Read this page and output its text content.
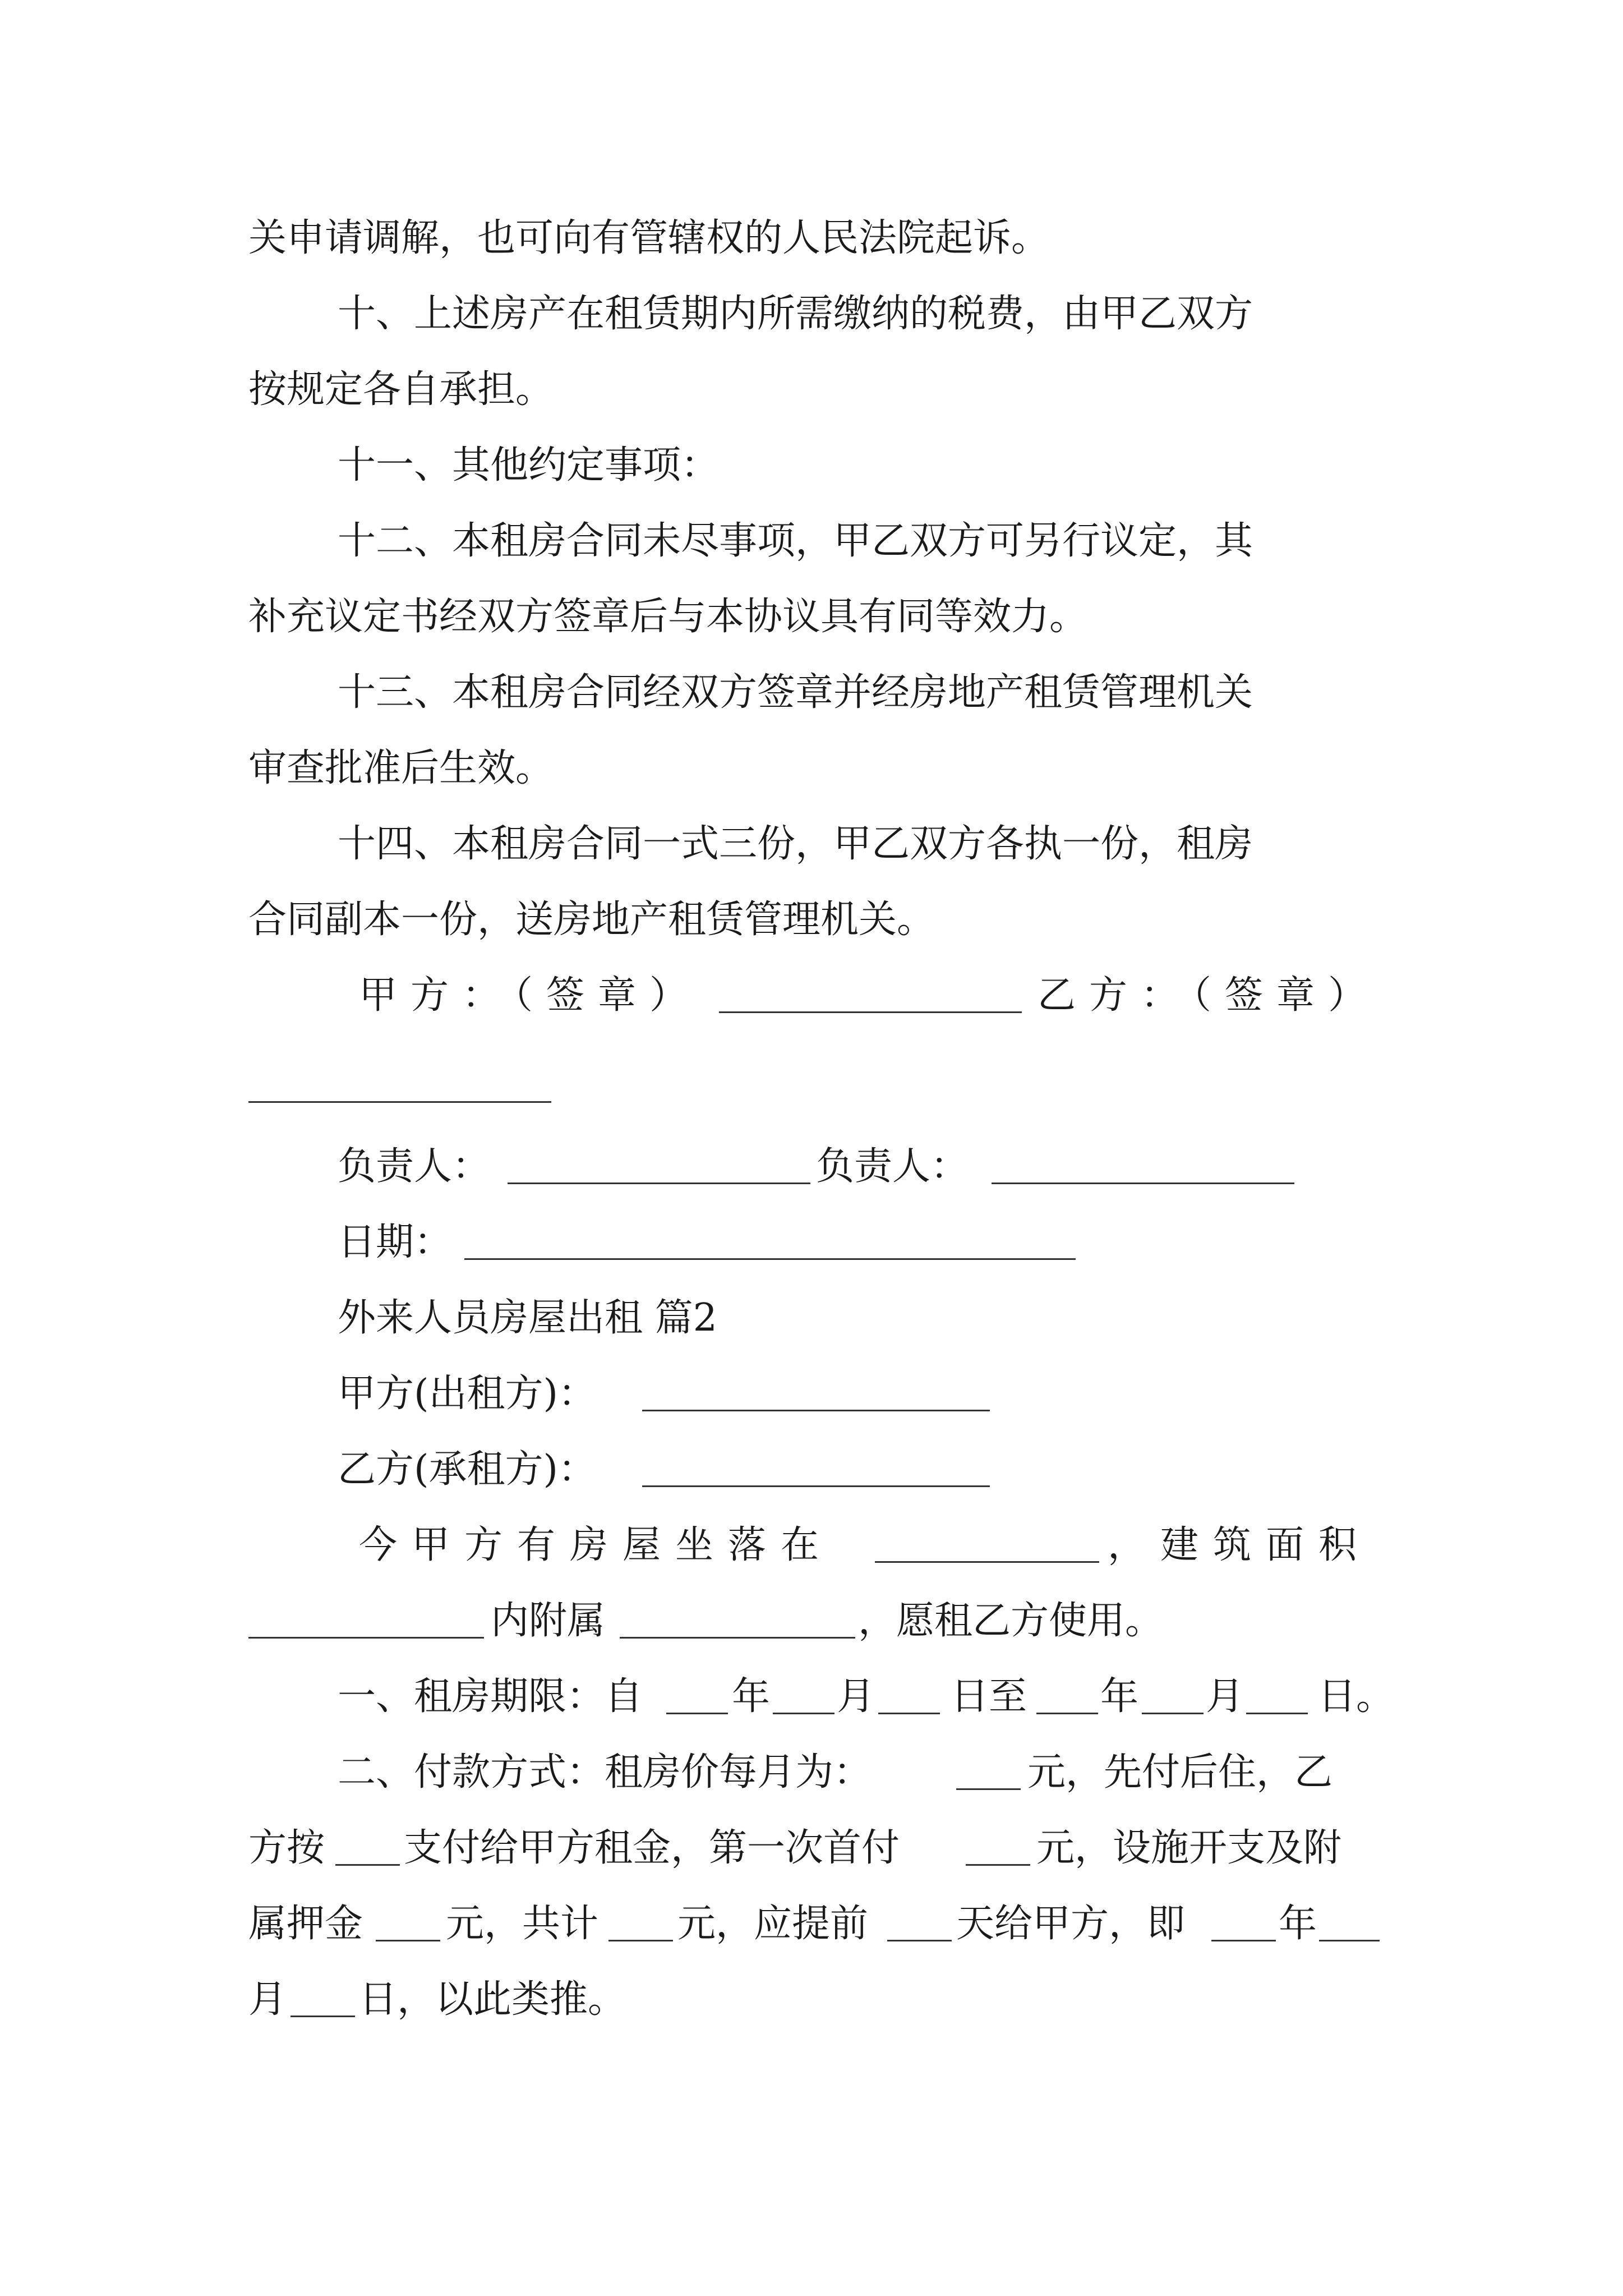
关申请调解，也可向有管辖权的人民法院起诉。
十、上述房产在租赁期内所需缴纳的税费，由甲乙双方
按规定各自承担。
十一、其他约定事项：
十二、本租房合同未尽事项，甲乙双方可另行议定，其
补充议定书经双方签章后与本协议具有同等效力。
十三、本租房合同经双方签章并经房地产租赁管理机关
审查批准后生效。
十四、本租房合同一式三份，甲乙双方各执一份，租房
合同副本一份，送房地产租赁管理机关。
甲方：（签章）	乙方：（签章）
负责人：	负责人：
日期：
外来人员房屋出租 篇2
甲方(出租方)：
乙方(承租方)：
今甲方有房屋坐落在	，建筑面积
内附属	，愿租乙方使用。
一、租房期限：自	年 月 日至	年 月 日。
二、付款方式：租房价每月为：	元，先付后住，乙
方按	支付给甲方租金，第一次首付	元，设施开支及附
属押金	元，共计	元，应提前	天给甲方，即	年
月 日，以此类推。
